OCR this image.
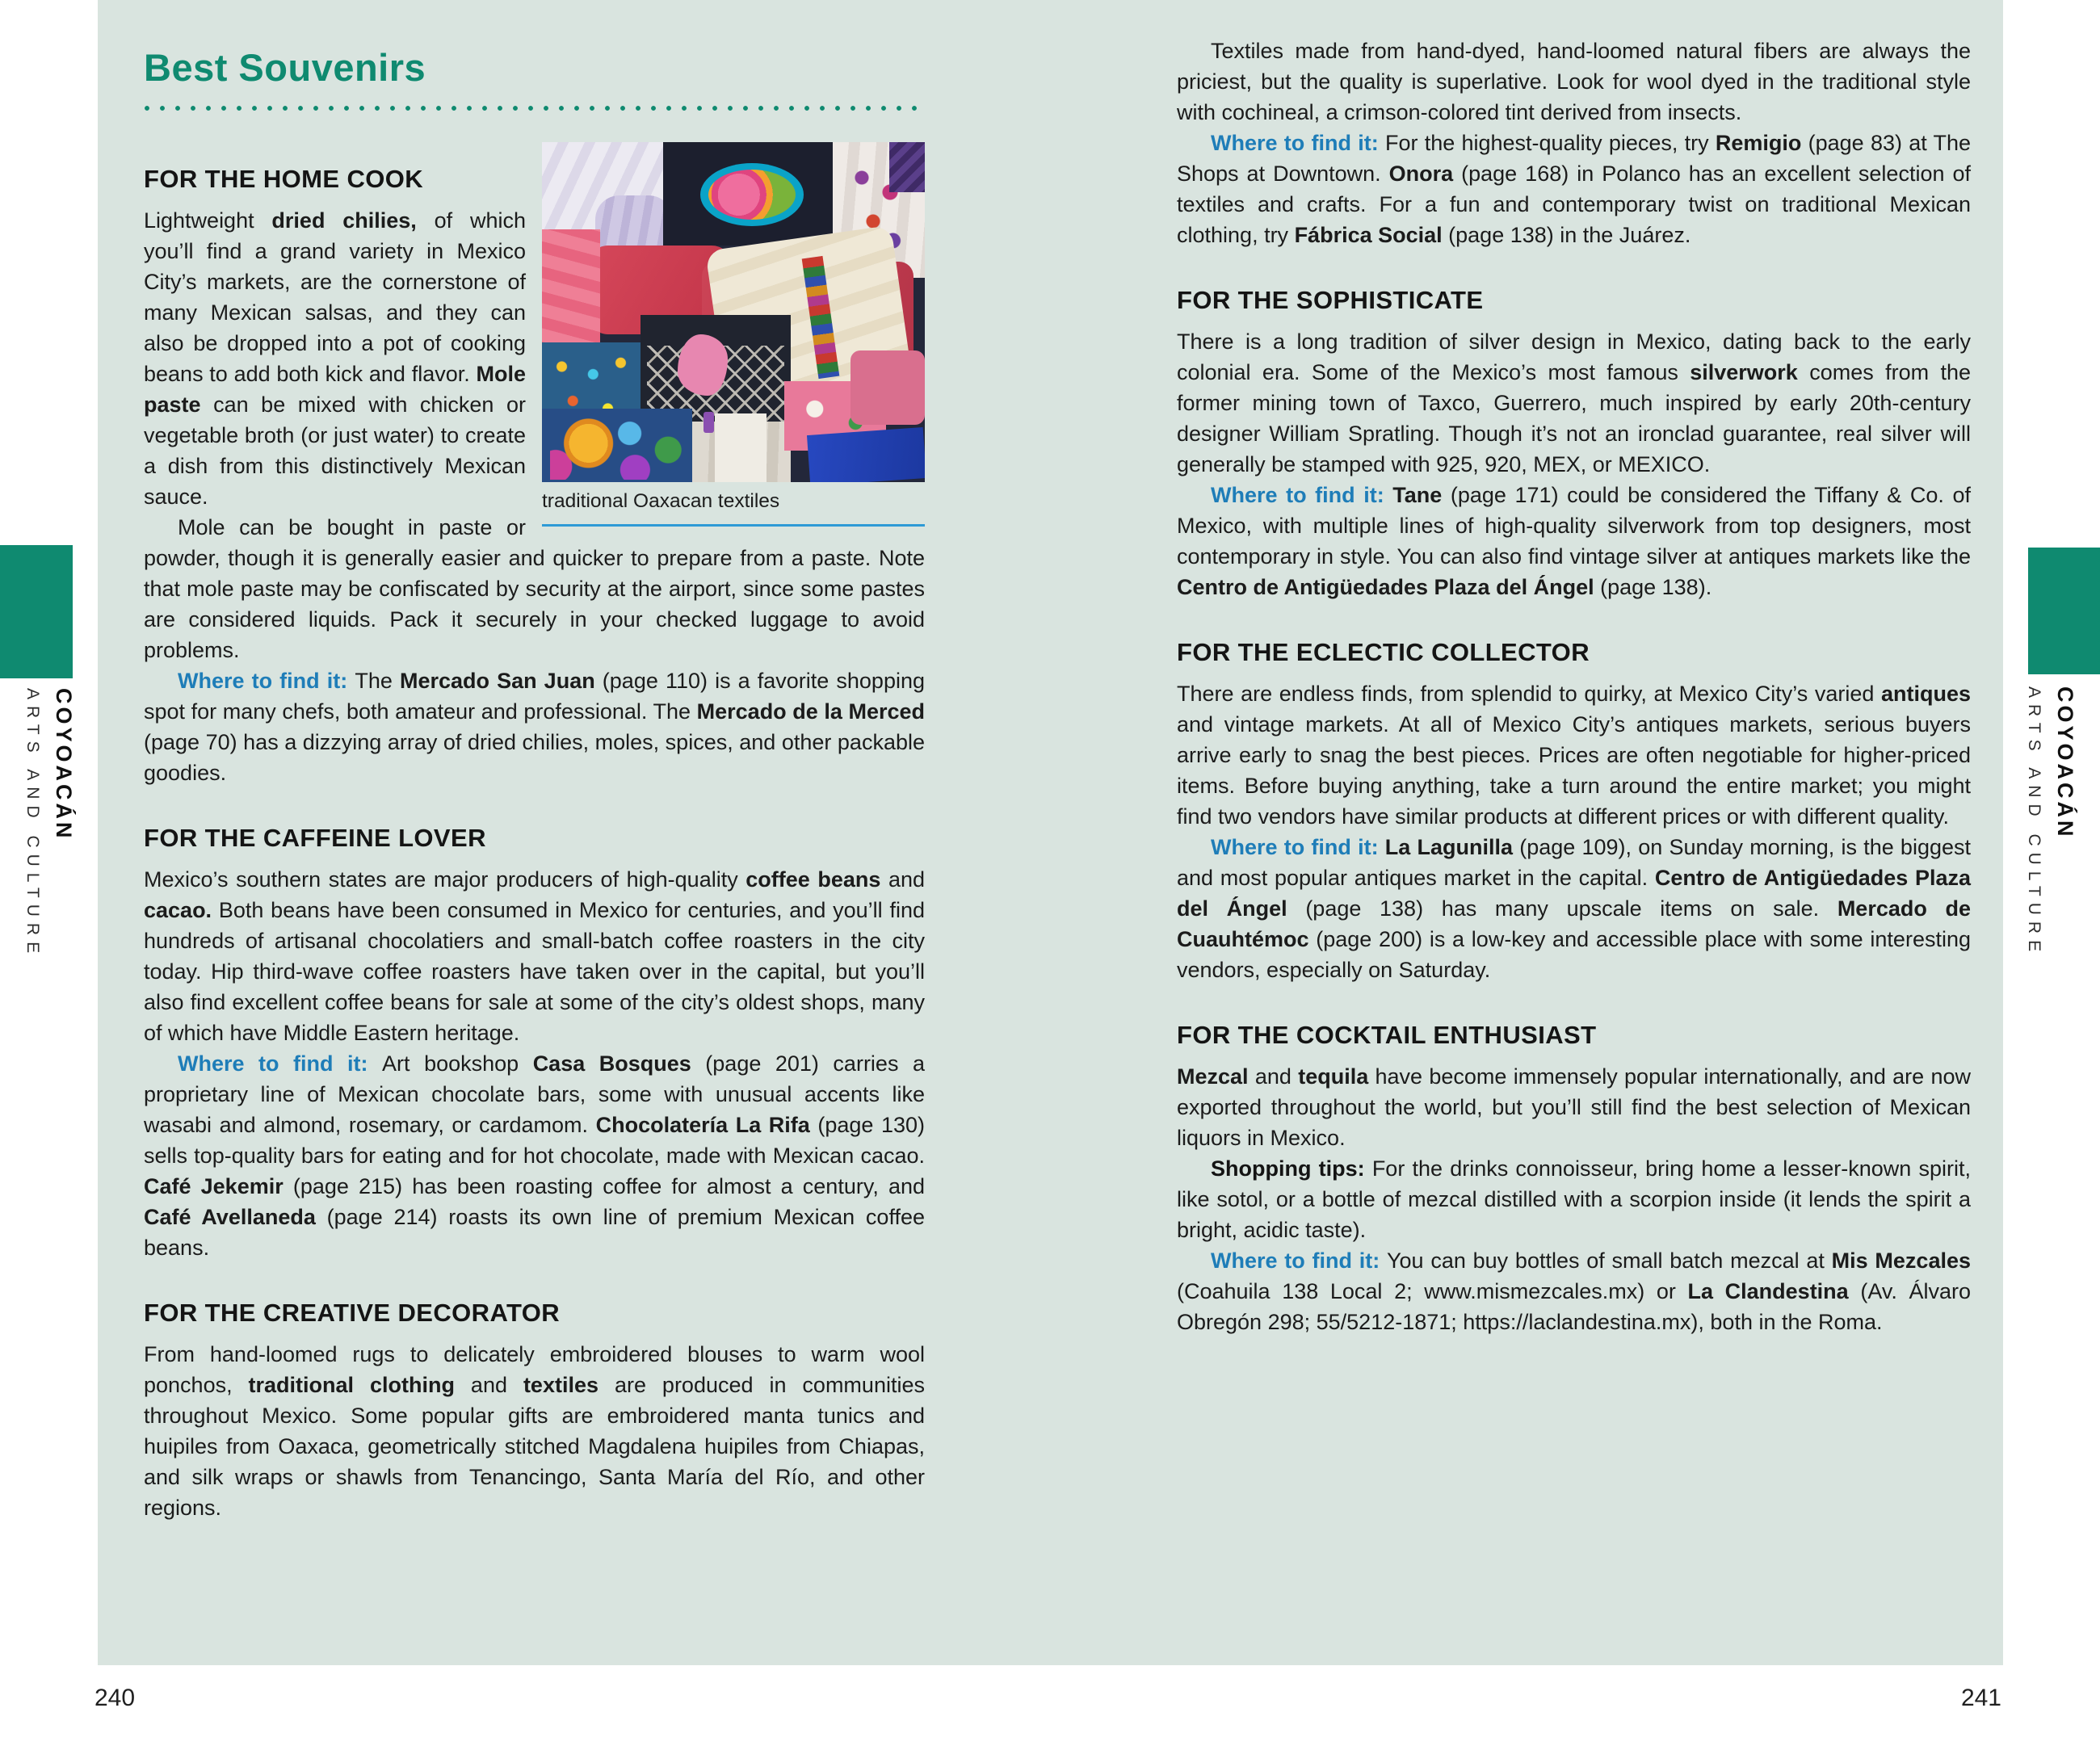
COYOACÁN
ARTS AND CULTURE	COYOACÁN
ARTS AND CULTURE
Best Souvenirs
traditional Oaxacan textiles
FOR THE HOME COOK

Lightweight dried chilies, of which you’ll find a grand variety in Mexico City’s markets, are the cornerstone of many Mexican salsas, and they can also be dropped into a pot of cooking beans to add both kick and flavor. Mole paste can be mixed with chicken or vegetable broth (or just water) to create a dish from this distinctively Mexican sauce.

Mole can be bought in paste or powder, though it is generally easier and quicker to prepare from a paste. Note that mole paste may be confiscated by security at the airport, since some pastes are considered liquids. Pack it securely in your checked luggage to avoid problems.

Where to find it: The Mercado San Juan (page 110) is a favorite shopping spot for many chefs, both amateur and professional. The Mercado de la Merced (page 70) has a dizzying array of dried chilies, moles, spices, and other packable goodies.

FOR THE CAFFEINE LOVER

Mexico’s southern states are major producers of high-quality coffee beans and cacao. Both beans have been consumed in Mexico for centuries, and you’ll find hundreds of artisanal chocolatiers and small-batch coffee roasters in the city today. Hip third-wave coffee roasters have taken over in the capital, but you’ll also find excellent coffee beans for sale at some of the city’s oldest shops, many of which have Middle Eastern heritage.

Where to find it: Art bookshop Casa Bosques (page 201) carries a proprietary line of Mexican chocolate bars, some with unusual accents like wasabi and almond, rosemary, or cardamom. Chocolatería La Rifa (page 130) sells top-quality bars for eating and for hot chocolate, made with Mexican cacao. Café Jekemir (page 215) has been roasting coffee for almost a century, and Café Avellaneda (page 214) roasts its own line of premium Mexican coffee beans.

FOR THE CREATIVE DECORATOR

From hand-loomed rugs to delicately embroidered blouses to warm wool ponchos, traditional clothing and textiles are produced in communities throughout Mexico. Some popular gifts are embroidered manta tunics and huipiles from Oaxaca, geometrically stitched Magdalena huipiles from Chiapas, and silk wraps or shawls from Tenancingo, Santa María del Río, and other regions.

Textiles made from hand-dyed, hand-loomed natural fibers are always the priciest, but the quality is superlative. Look for wool dyed in the traditional style with cochineal, a crimson-colored tint derived from insects.

Where to find it: For the highest-quality pieces, try Remigio (page 83) at The Shops at Downtown. Onora (page 168) in Polanco has an excellent selection of textiles and crafts. For a fun and contemporary twist on traditional Mexican clothing, try Fábrica Social (page 138) in the Juárez.

FOR THE SOPHISTICATE

There is a long tradition of silver design in Mexico, dating back to the early colonial era. Some of the Mexico’s most famous silverwork comes from the former mining town of Taxco, Guerrero, much inspired by early 20th-century designer William Spratling. Though it’s not an ironclad guarantee, real silver will generally be stamped with 925, 920, MEX, or MEXICO.

Where to find it: Tane (page 171) could be considered the Tiffany & Co. of Mexico, with multiple lines of high-quality silverwork from top designers, most contemporary in style. You can also find vintage silver at antiques markets like the Centro de Antigüedades Plaza del Ángel (page 138).

FOR THE ECLECTIC COLLECTOR

There are endless finds, from splendid to quirky, at Mexico City’s varied antiques and vintage markets. At all of Mexico City’s antiques markets, serious buyers arrive early to snag the best pieces. Prices are often negotiable for higher-priced items. Before buying anything, take a turn around the entire market; you might find two vendors have similar products at different prices or with different quality.

Where to find it: La Lagunilla (page 109), on Sunday morning, is the biggest and most popular antiques market in the capital. Centro de Antigüedades Plaza del Ángel (page 138) has many upscale items on sale. Mercado de Cuauhtémoc (page 200) is a low-key and accessible place with some interesting vendors, especially on Saturday.

FOR THE COCKTAIL ENTHUSIAST

Mezcal and tequila have become immensely popular internationally, and are now exported throughout the world, but you’ll still find the best selection of Mexican liquors in Mexico.

Shopping tips: For the drinks connoisseur, bring home a lesser-known spirit, like sotol, or a bottle of mezcal distilled with a scorpion inside (it lends the spirit a bright, acidic taste).

Where to find it: You can buy bottles of small batch mezcal at Mis Mezcales (Coahuila 138 Local 2; www.mismezcales.mx) or La Clandestina (Av. Álvaro Obregón 298; 55/5212-1871; https://laclandestina.mx), both in the Roma.

240	241
